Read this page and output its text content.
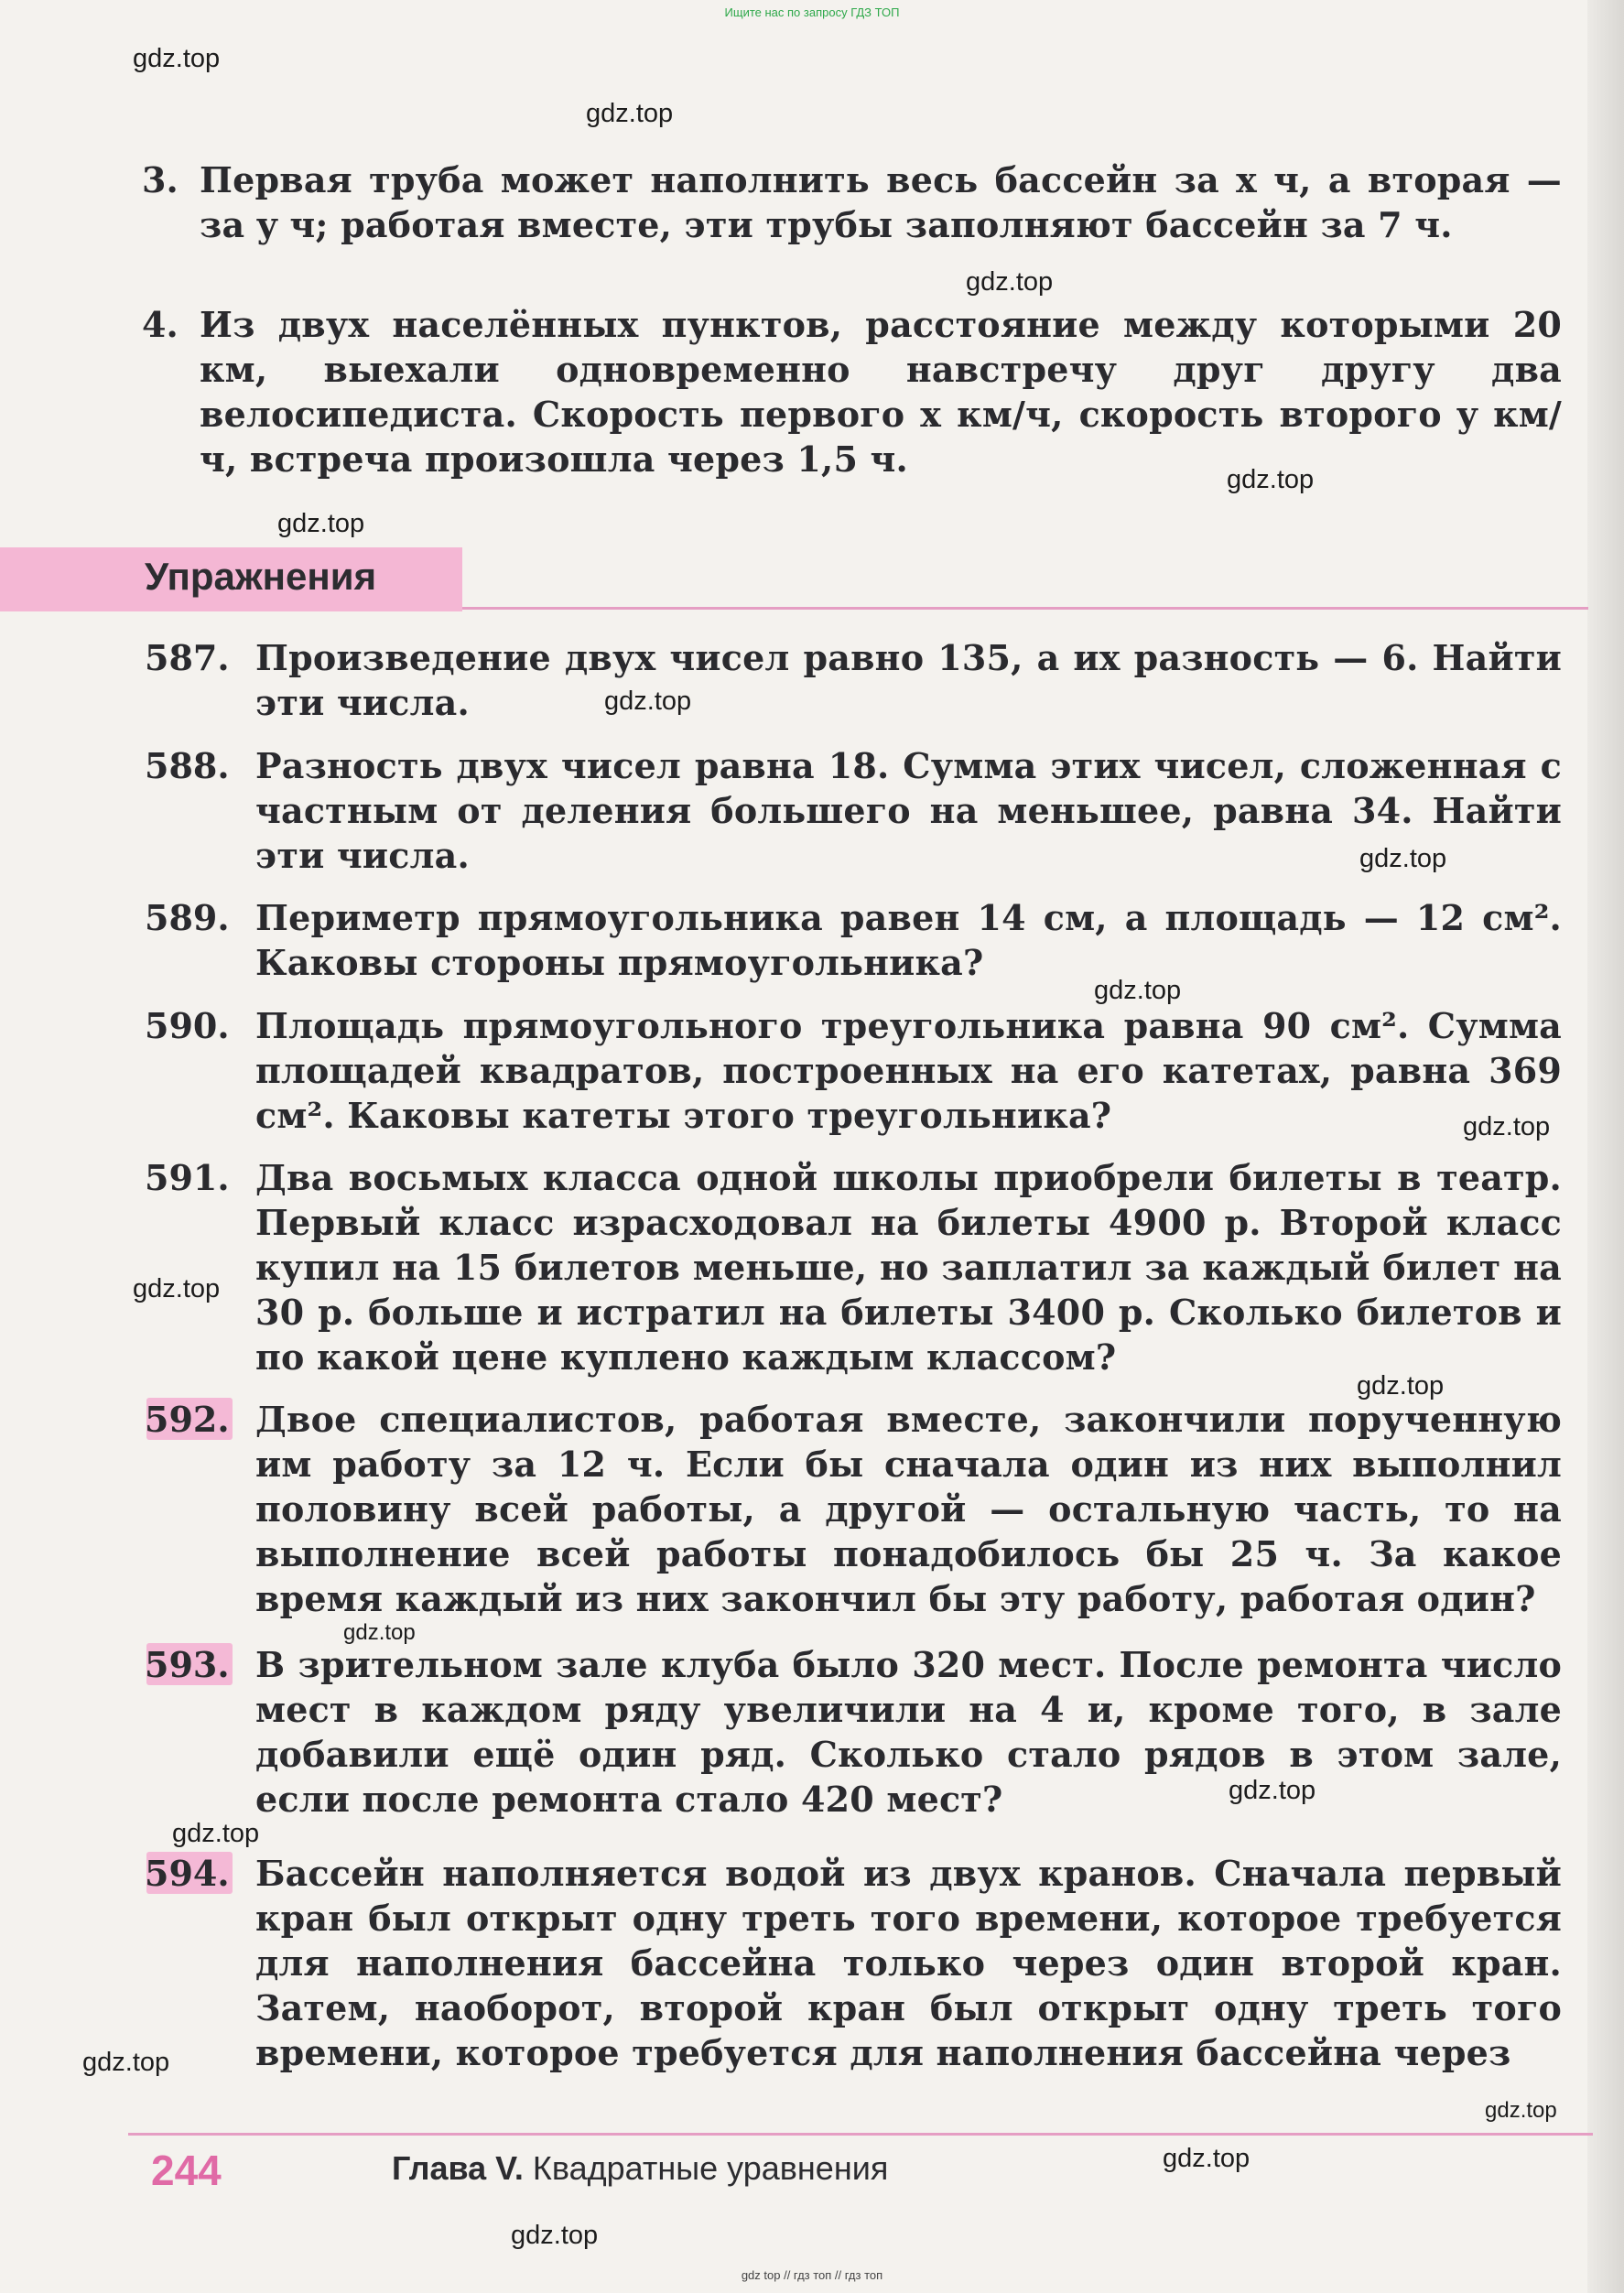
Ищите нас по запросу ГДЗ ТОП
gdz.top
gdz.top
gdz.top
gdz.top
gdz.top
gdz.top
gdz.top
gdz.top
gdz.top
gdz.top
gdz.top
gdz.top
gdz.top
gdz.top
gdz.top
gdz.top
gdz.top
gdz.top
3. Первая труба может наполнить весь бассейн за x ч, а вторая — за y ч; работая вместе, эти трубы заполняют бассейн за 7 ч.
4. Из двух населённых пунктов, расстояние между которыми 20 км, выехали одновременно навстречу друг другу два велосипедиста. Скорость первого x км/ч, скорость второго y км/ч, встреча произошла через 1,5 ч.
Упражнения
587. Произведение двух чисел равно 135, а их разность — 6. Найти эти числа.
588. Разность двух чисел равна 18. Сумма этих чисел, сложенная с частным от деления большего на меньшее, равна 34. Найти эти числа.
589. Периметр прямоугольника равен 14 см, а площадь — 12 см². Каковы стороны прямоугольника?
590. Площадь прямоугольного треугольника равна 90 см². Сумма площадей квадратов, построенных на его катетах, равна 369 см². Каковы катеты этого треугольника?
591. Два восьмых класса одной школы приобрели билеты в театр. Первый класс израсходовал на билеты 4900 р. Второй класс купил на 15 билетов меньше, но заплатил за каждый билет на 30 р. больше и истратил на билеты 3400 р. Сколько билетов и по какой цене куплено каждым классом?
592. Двое специалистов, работая вместе, закончили порученную им работу за 12 ч. Если бы сначала один из них выполнил половину всей работы, а другой — остальную часть, то на выполнение всей работы понадобилось бы 25 ч. За какое время каждый из них закончил бы эту работу, работая один?
593. В зрительном зале клуба было 320 мест. После ремонта число мест в каждом ряду увеличили на 4 и, кроме того, в зале добавили ещё один ряд. Сколько стало рядов в этом зале, если после ремонта стало 420 мест?
594. Бассейн наполняется водой из двух кранов. Сначала первый кран был открыт одну треть того времени, которое требуется для наполнения бассейна только через один второй кран. Затем, наоборот, второй кран был открыт одну треть того времени, которое требуется для наполнения бассейна через
244	Глава V. Квадратные уравнения
gdz top // гдз топ // гдз топ
